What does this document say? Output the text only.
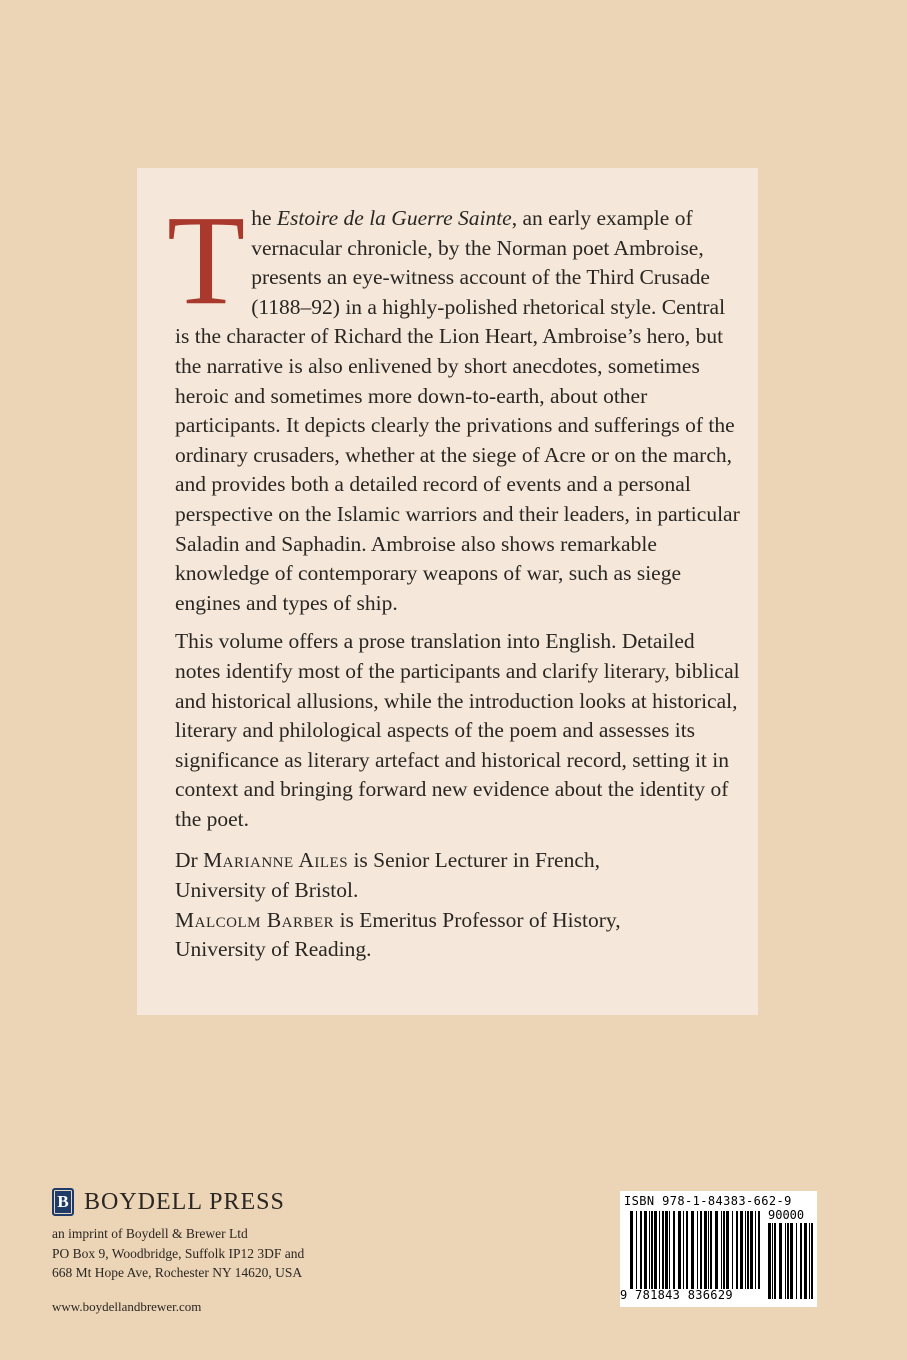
The Estoire de la Guerre Sainte, an early example of vernacular chronicle, by the Norman poet Ambroise, presents an eye-witness account of the Third Crusade (1188–92) in a highly-polished rhetorical style. Central is the character of Richard the Lion Heart, Ambroise’s hero, but the narrative is also enlivened by short anecdotes, sometimes heroic and sometimes more down-to-earth, about other participants. It depicts clearly the privations and sufferings of the ordinary crusaders, whether at the siege of Acre or on the march, and provides both a detailed record of events and a personal perspective on the Islamic warriors and their leaders, in particular Saladin and Saphadin. Ambroise also shows remarkable knowledge of contemporary weapons of war, such as siege engines and types of ship.

This volume offers a prose translation into English. Detailed notes identify most of the participants and clarify literary, biblical and historical allusions, while the introduction looks at historical, literary and philological aspects of the poem and assesses its significance as literary artefact and historical record, setting it in context and bringing forward new evidence about the identity of the poet.

Dr Marianne Ailes is Senior Lecturer in French,
University of Bristol.

Malcolm Barber is Emeritus Professor of History,
University of Reading.

B BOYDELL PRESS
an imprint of Boydell & Brewer Ltd
PO Box 9, Woodbridge, Suffolk IP12 3DF and
668 Mt Hope Ave, Rochester NY 14620, USA
www.boydellandbrewer.com
ISBN 978-1-84383-662-9
90000
9 781843 836629
